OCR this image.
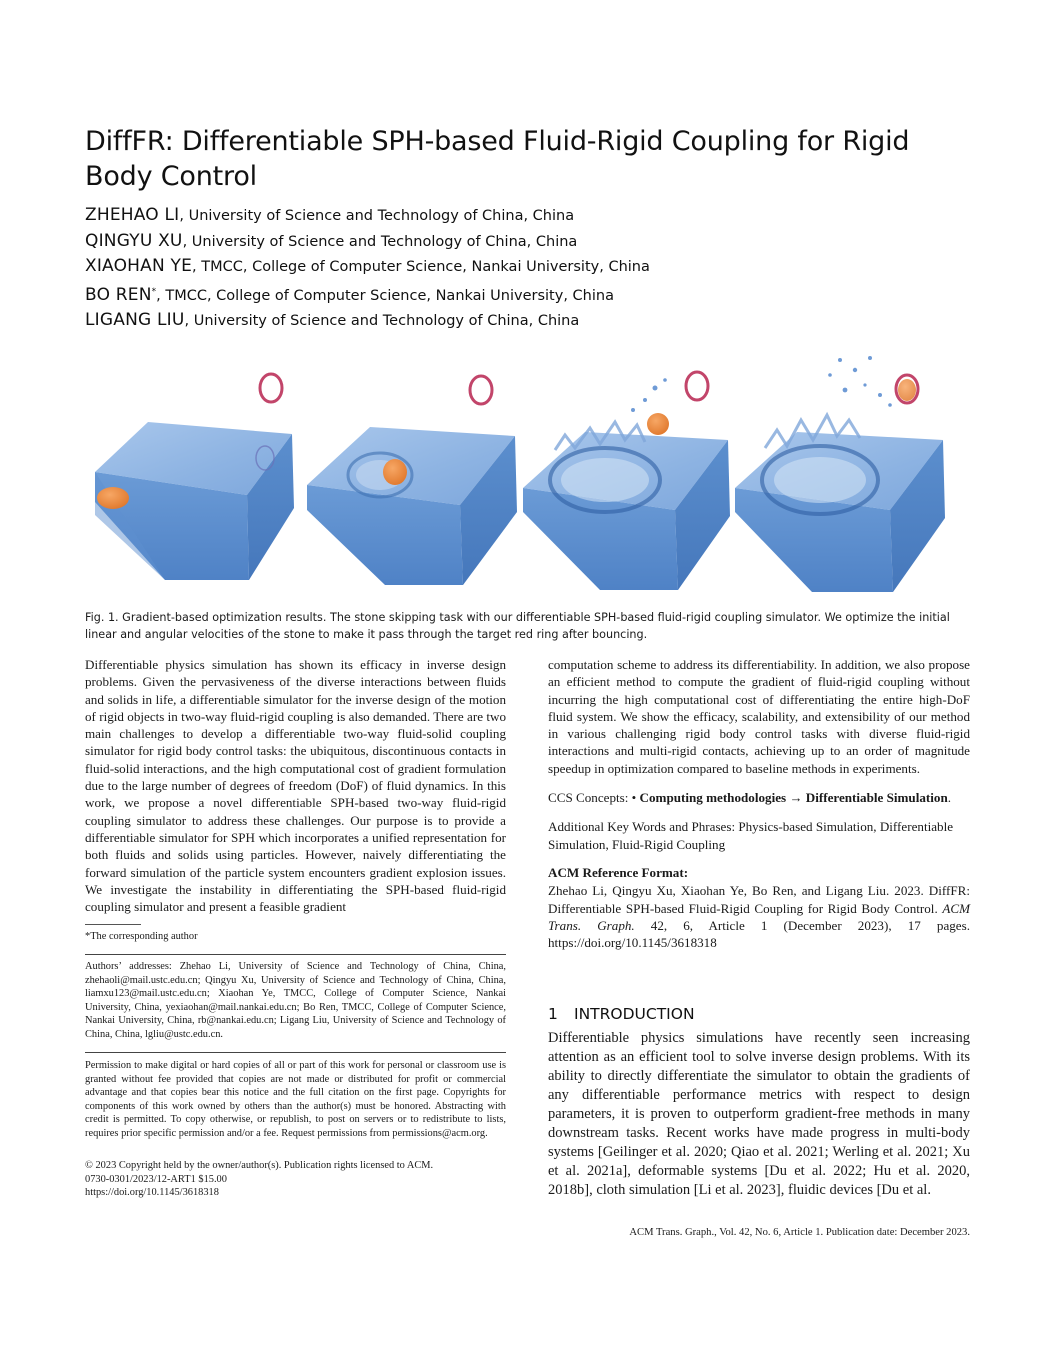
DiffFR: Differentiable SPH-based Fluid-Rigid Coupling for Rigid Body Control
ZHEHAO LI, University of Science and Technology of China, China
QINGYU XU, University of Science and Technology of China, China
XIAOHAN YE, TMCC, College of Computer Science, Nankai University, China
BO REN*, TMCC, College of Computer Science, Nankai University, China
LIGANG LIU, University of Science and Technology of China, China
Fig. 1. Gradient-based optimization results. The stone skipping task with our differentiable SPH-based fluid-rigid coupling simulator. We optimize the initial linear and angular velocities of the stone to make it pass through the target red ring after bouncing.

Differentiable physics simulation has shown its efficacy in inverse design problems. Given the pervasiveness of the diverse interactions between fluids and solids in life, a differentiable simulator for the inverse design of the motion of rigid objects in two-way fluid-rigid coupling is also demanded. There are two main challenges to develop a differentiable two-way fluid-solid coupling simulator for rigid body control tasks: the ubiquitous, discontinuous contacts in fluid-solid interactions, and the high computational cost of gradient formulation due to the large number of degrees of freedom (DoF) of fluid dynamics. In this work, we propose a novel differentiable SPH-based two-way fluid-rigid coupling simulator to address these challenges. Our purpose is to provide a differentiable simulator for SPH which incorporates a unified representation for both fluids and solids using particles. However, naively differentiating the forward simulation of the particle system encounters gradient explosion issues. We investigate the instability in differentiating the SPH-based fluid-rigid coupling simulator and present a feasible gradient

*The corresponding author
Authors’ addresses: Zhehao Li, University of Science and Technology of China, China, zhehaoli@mail.ustc.edu.cn; Qingyu Xu, University of Science and Technology of China, China, liamxu123@mail.ustc.edu.cn; Xiaohan Ye, TMCC, College of Computer Science, Nankai University, China, yexiaohan@mail.nankai.edu.cn; Bo Ren, TMCC, College of Computer Science, Nankai University, China, rb@nankai.edu.cn; Ligang Liu, University of Science and Technology of China, China, lgliu@ustc.edu.cn.
Permission to make digital or hard copies of all or part of this work for personal or classroom use is granted without fee provided that copies are not made or distributed for profit or commercial advantage and that copies bear this notice and the full citation on the first page. Copyrights for components of this work owned by others than the author(s) must be honored. Abstracting with credit is permitted. To copy otherwise, or republish, to post on servers or to redistribute to lists, requires prior specific permission and/or a fee. Request permissions from permissions@acm.org.
© 2023 Copyright held by the owner/author(s). Publication rights licensed to ACM.
0730-0301/2023/12-ART1 $15.00
https://doi.org/10.1145/3618318

computation scheme to address its differentiability. In addition, we also propose an efficient method to compute the gradient of fluid-rigid coupling without incurring the high computational cost of differentiating the entire high-DoF fluid system. We show the efficacy, scalability, and extensibility of our method in various challenging rigid body control tasks with diverse fluid-rigid interactions and multi-rigid contacts, achieving up to an order of magnitude speedup in optimization compared to baseline methods in experiments.

CCS Concepts: • Computing methodologies → Differentiable Simulation.

Additional Key Words and Phrases: Physics-based Simulation, Differentiable Simulation, Fluid-Rigid Coupling

ACM Reference Format:

Zhehao Li, Qingyu Xu, Xiaohan Ye, Bo Ren, and Ligang Liu. 2023. DiffFR: Differentiable SPH-based Fluid-Rigid Coupling for Rigid Body Control. ACM Trans. Graph. 42, 6, Article 1 (December 2023), 17 pages. https://doi.org/10.1145/3618318

1 INTRODUCTION
Differentiable physics simulations have recently seen increasing attention as an efficient tool to solve inverse design problems. With its ability to directly differentiate the simulator to obtain the gradients of any differentiable performance metrics with respect to design parameters, it is proven to outperform gradient-free methods in many downstream tasks. Recent works have made progress in multi-body systems [Geilinger et al. 2020; Qiao et al. 2021; Werling et al. 2021; Xu et al. 2021a], deformable systems [Du et al. 2022; Hu et al. 2020, 2018b], cloth simulation [Li et al. 2023], fluidic devices [Du et al.
ACM Trans. Graph., Vol. 42, No. 6, Article 1. Publication date: December 2023.
